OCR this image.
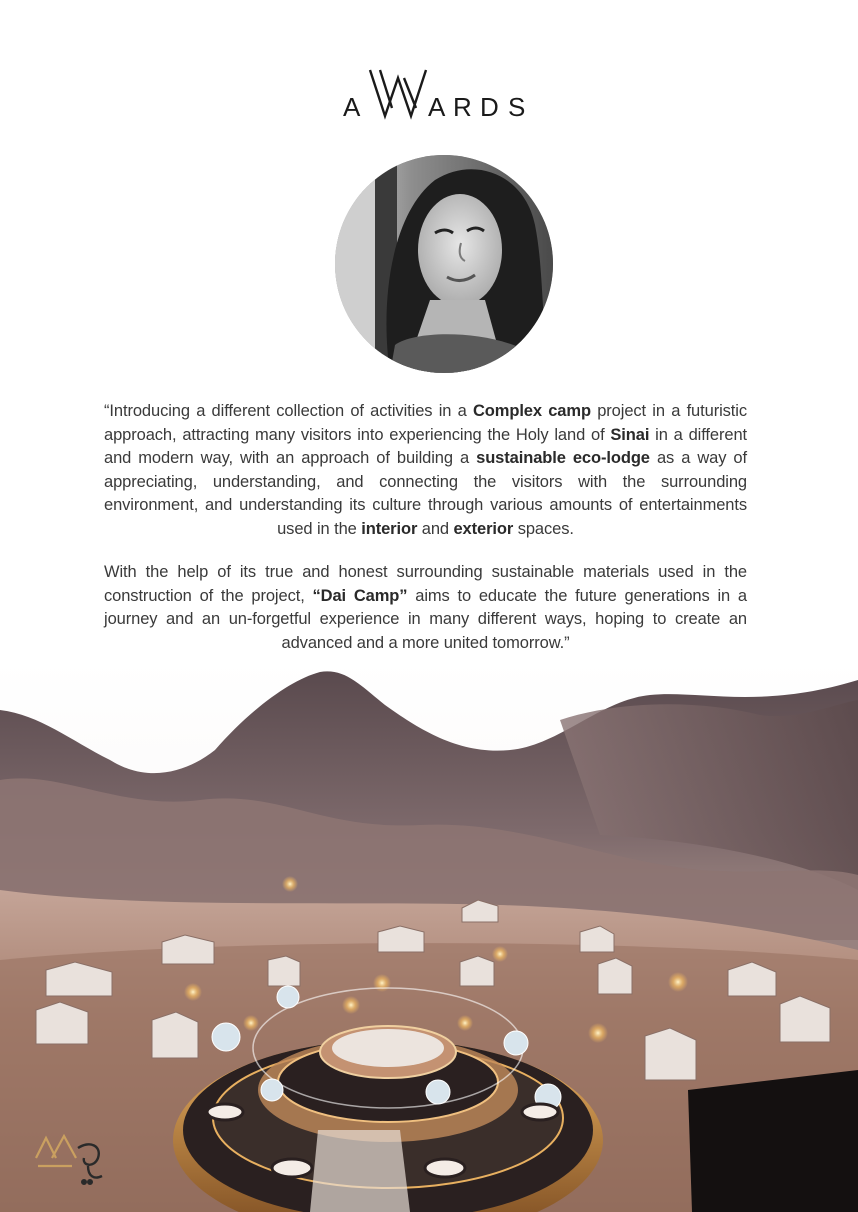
A A R D S

“Introducing a different collection of activities in a Complex camp project in a futuristic approach, attracting many visitors into experiencing the Holy land of Sinai in a different and modern way, with an approach of building a sustainable eco-lodge as a way of appreciating, understanding, and connecting the visitors with the surrounding environment, and understanding its culture through various amounts of entertainments used in the interior and exterior spaces.

With the help of its true and honest surrounding sustainable materials used in the construction of the project, “Dai Camp” aims to educate the future generations in a journey and an un-forgetful experience in many different ways, hoping to create an advanced and a more united tomorrow.”
